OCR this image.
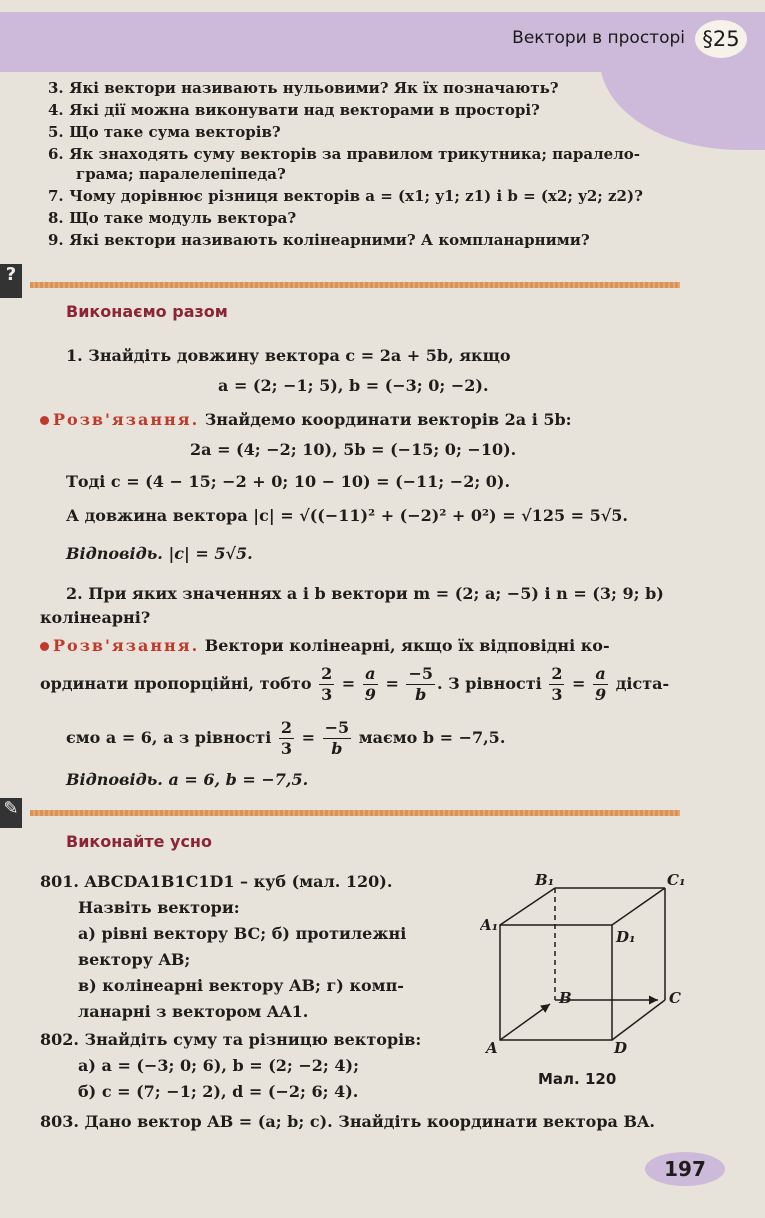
Вектори в просторі §25
3. Які вектори називають нульовими? Як їх позначають?
4. Які дії можна виконувати над векторами в просторі?
5. Що таке сума векторів?
6. Як знаходять суму векторів за правилом трикутника; паралело-
грама; паралелепіпеда?
7. Чому дорівнює різниця векторів a = (x1; y1; z1) і b = (x2; y2; z2)?
8. Що таке модуль вектора?
9. Які вектори називають колінеарними? А компланарними?
?
Виконаємо разом
1. Знайдіть довжину вектора c = 2a + 5b, якщо
a = (2; −1; 5), b = (−3; 0; −2).
Розв'язання. Знайдемо координати векторів 2a і 5b:
2a = (4; −2; 10), 5b = (−15; 0; −10).
Тоді c = (4 − 15; −2 + 0; 10 − 10) = (−11; −2; 0).
А довжина вектора |c| = √((−11)² + (−2)² + 0²) = √125 = 5√5.
Відповідь. |c| = 5√5.
2. При яких значеннях a і b вектори m = (2; a; −5) і n = (3; 9; b)
колінеарні?
Розв'язання. Вектори колінеарні, якщо їх відповідні ко-
ординати пропорційні, тобто $\frac{2}{3} = \frac{a}{9} = \frac{-5}{b}$ . З рівності $\frac{2}{3} = \frac{a}{9}$ діста-
ємо a = 6, а з рівності $\frac{2}{3} = \frac{-5}{b}$ маємо b = −7,5.
Відповідь. a = 6, b = −7,5.
✎
Виконайте усно
801. ABCDA1B1C1D1 – куб (мал. 120).
Назвіть вектори:
а) рівні вектору BC; б) протилежні
вектору AB;
в) колінеарні вектору AB; г) комп-
ланарні з вектором AA1.
802. Знайдіть суму та різницю векторів:
а) a = (−3; 0; 6), b = (2; −2; 4);
б) c = (7; −1; 2), d = (−2; 6; 4).
803. Дано вектор AB = (a; b; c). Знайдіть координати вектора BA.
B₁	C₁
A₁
D₁
B	C
A	D
Мал. 120
197
